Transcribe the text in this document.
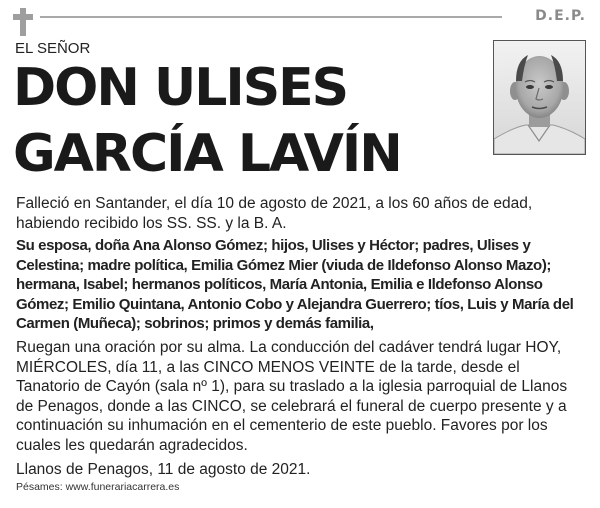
D.E.P.
EL SEÑOR
DON ULISES
GARCÍA LAVÍN
Falleció en Santander, el día 10 de agosto de 2021, a los 60 años de edad, habiendo recibido los SS. SS. y la B. A.
Su esposa, doña Ana Alonso Gómez; hijos, Ulises y Héctor; padres, Ulises y Celestina; madre política, Emilia Gómez Mier (viuda de Ildefonso Alonso Mazo); hermana, Isabel; hermanos políticos, María Antonia, Emilia e Ildefonso Alonso Gómez; Emilio Quintana, Antonio Cobo y Alejandra Guerrero; tíos, Luis y María del Carmen (Muñeca); sobrinos; primos y demás familia,
Ruegan una oración por su alma. La conducción del cadáver tendrá lugar HOY, MIÉRCOLES, día 11, a las CINCO MENOS VEINTE de la tarde, desde el Tanatorio de Cayón (sala nº 1), para su traslado a la iglesia parroquial de Llanos de Penagos, donde a las CINCO, se celebrará el funeral de cuerpo presente y a continuación su inhumación en el cementerio de este pueblo. Favores por los cuales les quedarán agradecidos.
Llanos de Penagos, 11 de agosto de 2021.
Pésames: www.funerariacarrera.es
